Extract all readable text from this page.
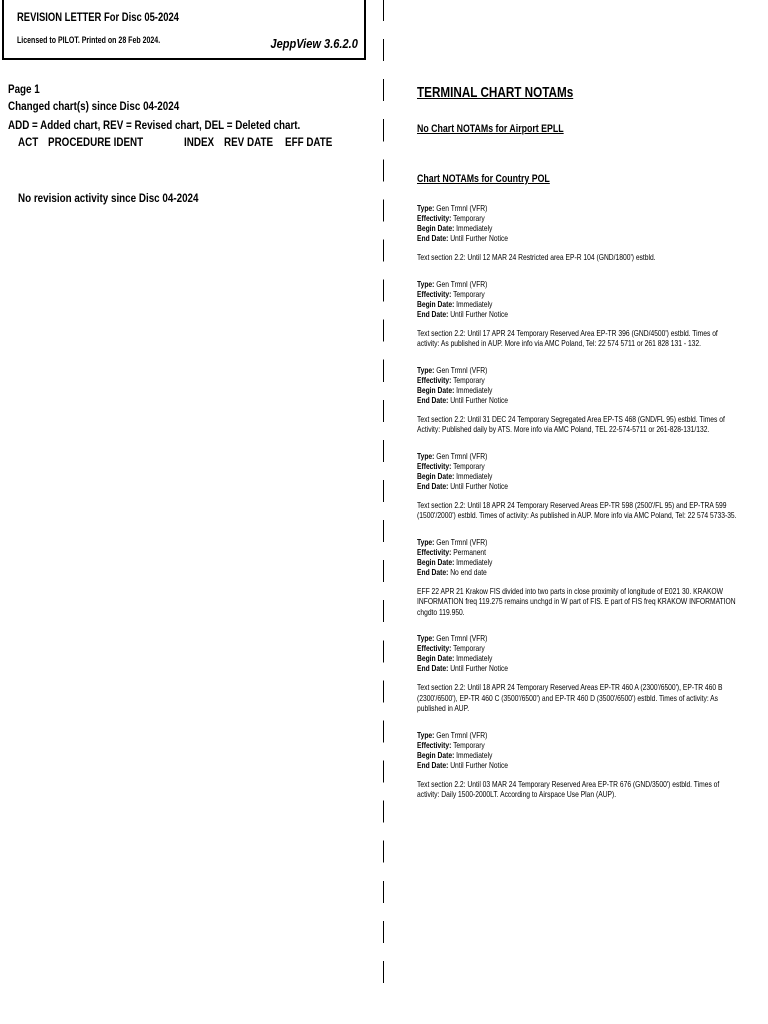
REVISION LETTER For Disc 05-2024
Licensed to PILOT. Printed on 28 Feb 2024.	JeppView 3.6.2.0
Page 1
Changed chart(s) since Disc 04-2024
ADD = Added chart, REV = Revised chart, DEL = Deleted chart.
ACT PROCEDURE IDENT	INDEX REV DATE EFF DATE
No revision activity since Disc 04-2024
TERMINAL CHART NOTAMs
No Chart NOTAMs for Airport EPLL
Chart NOTAMs for Country POL
Type: Gen Trmnl (VFR)
Effectivity: Temporary
Begin Date: Immediately
End Date: Until Further Notice
Text section 2.2: Until 12 MAR 24 Restricted area EP-R 104 (GND/1800') estbld.
Type: Gen Trmnl (VFR)
Effectivity: Temporary
Begin Date: Immediately
End Date: Until Further Notice
Text section 2.2: Until 17 APR 24 Temporary Reserved Area EP-TR 396 (GND/4500') estbld. Times of activity: As published in AUP. More info via AMC Poland, Tel: 22 574 5711 or 261 828 131 - 132.
Type: Gen Trmnl (VFR)
Effectivity: Temporary
Begin Date: Immediately
End Date: Until Further Notice
Text section 2.2: Until 31 DEC 24 Temporary Segregated Area EP-TS 468 (GND/FL 95) estbld. Times of Activity: Published daily by ATS. More info via AMC Poland, TEL 22-574-5711 or 261-828-131/132.
Type: Gen Trmnl (VFR)
Effectivity: Temporary
Begin Date: Immediately
End Date: Until Further Notice
Text section 2.2: Until 18 APR 24 Temporary Reserved Areas EP-TR 598 (2500'/FL 95) and EP-TRA 599 (1500'/2000') estbld. Times of activity: As published in AUP. More info via AMC Poland, Tel: 22 574 5733-35.
Type: Gen Trmnl (VFR)
Effectivity: Permanent
Begin Date: Immediately
End Date: No end date
EFF 22 APR 21 Krakow FIS divided into two parts in close proximity of longitude of E021 30. KRAKOW INFORMATION freq 119.275 remains unchgd in W part of FIS. E part of FIS freq KRAKOW INFORMATION chgdto 119.950.
Type: Gen Trmnl (VFR)
Effectivity: Temporary
Begin Date: Immediately
End Date: Until Further Notice
Text section 2.2: Until 18 APR 24 Temporary Reserved Areas EP-TR 460 A (2300'/6500'), EP-TR 460 B (2300'/6500'), EP-TR 460 C (3500'/6500') and EP-TR 460 D (3500'/6500') estbld. Times of activity: As published in AUP.
Type: Gen Trmnl (VFR)
Effectivity: Temporary
Begin Date: Immediately
End Date: Until Further Notice
Text section 2.2: Until 03 MAR 24 Temporary Reserved Area EP-TR 676 (GND/3500') estbld. Times of activity: Daily 1500-2000LT. According to Airspace Use Plan (AUP).
